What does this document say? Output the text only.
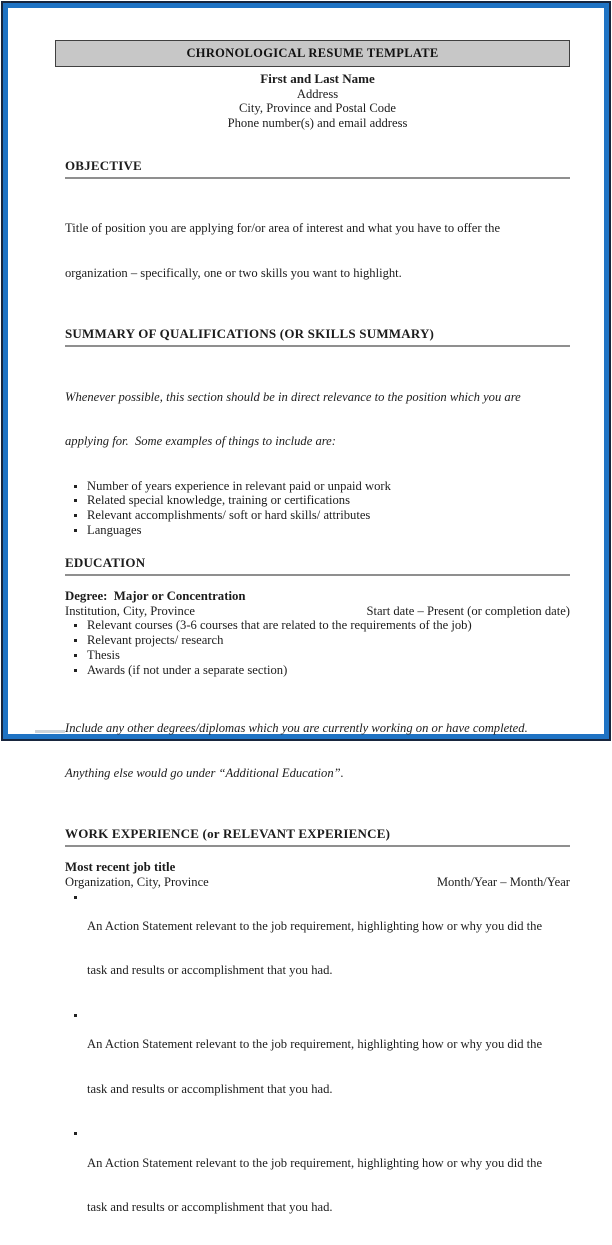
CHRONOLOGICAL RESUME TEMPLATE
First and Last Name
Address
City, Province and Postal Code
Phone number(s) and email address
OBJECTIVE

Title of position you are applying for/or area of interest and what you have to offer the

organization – specifically, one or two skills you want to highlight.

SUMMARY OF QUALIFICATIONS (OR SKILLS SUMMARY)

Whenever possible, this section should be in direct relevance to the position which you are

applying for.  Some examples of things to include are:

Number of years experience in relevant paid or unpaid work
Related special knowledge, training or certifications
Relevant accomplishments/ soft or hard skills/ attributes
Languages
EDUCATION
Degree:  Major or Concentration
Institution, City, Province	Start date – Present (or completion date)
Relevant courses (3-6 courses that are related to the requirements of the job)
Relevant projects/ research
Thesis
Awards (if not under a separate section)

Include any other degrees/diplomas which you are currently working on or have completed.

Anything else would go under “Additional Education”.

WORK EXPERIENCE (or RELEVANT EXPERIENCE)
Most recent job title
Organization, City, Province	Month/Year – Month/Year

An Action Statement relevant to the job requirement, highlighting how or why you did the

task and results or accomplishment that you had.

An Action Statement relevant to the job requirement, highlighting how or why you did the

task and results or accomplishment that you had.

An Action Statement relevant to the job requirement, highlighting how or why you did the

task and results or accomplishment that you had.
